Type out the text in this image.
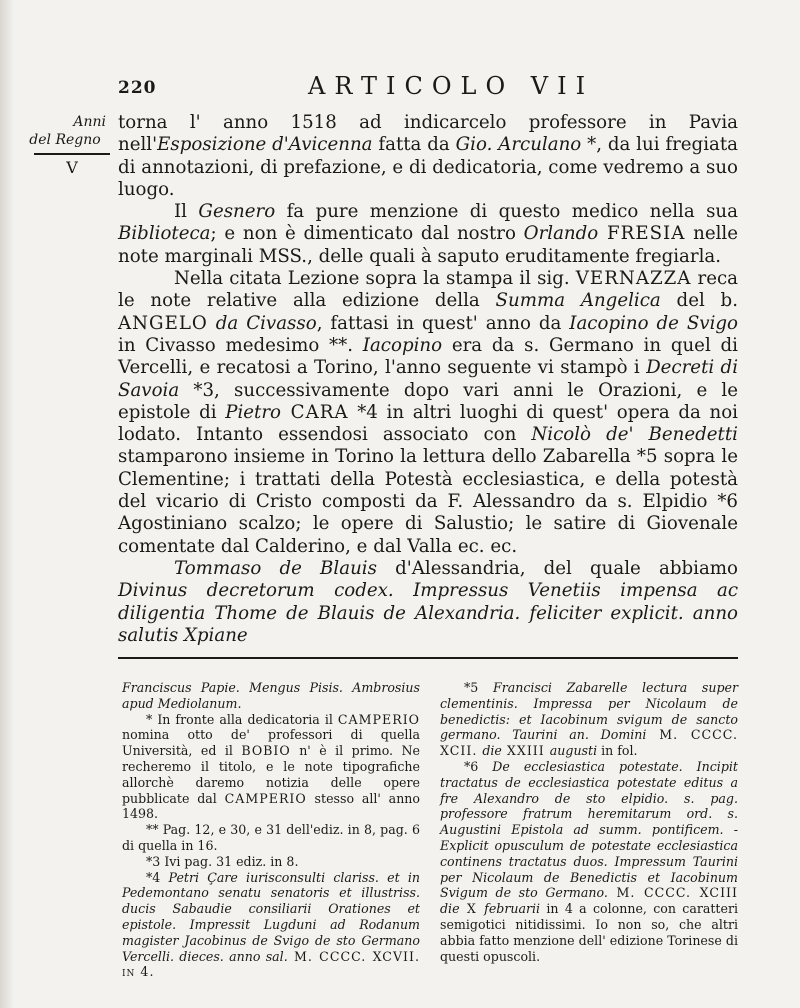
220	ARTICOLO VII
Anni
del Regno
V

torna l' anno 1518 ad indicarcelo professore in Pavia nell'Esposizione d'Avicenna fatta da Gio. Arculano *, da lui fregiata di annotazioni, di prefazione, e di dedicatoria, come vedremo a suo luogo.

Il Gesnero fa pure menzione di questo medico nella sua Biblioteca; e non è dimenticato dal nostro Orlando FRESIA nelle note marginali MSS., delle quali à saputo eruditamente fregiarla.

Nella citata Lezione sopra la stampa il sig. VERNAZZA reca le note relative alla edizione della Summa Angelica del b. ANGELO da Civasso, fattasi in quest' anno da Iacopino de Svigo in Civasso medesimo **. Iacopino era da s. Germano in quel di Vercelli, e recatosi a Torino, l'anno seguente vi stampò i Decreti di Savoia *3, successivamente dopo vari anni le Orazioni, e le epistole di Pietro CARA *4 in altri luoghi di quest' opera da noi lodato. Intanto essendosi associato con Nicolò de' Benedetti stamparono insieme in Torino la lettura dello Zabarella *5 sopra le Clementine; i trattati della Potestà ecclesiastica, e della potestà del vicario di Cristo composti da F. Alessandro da s. Elpidio *6 Agostiniano scalzo; le opere di Salustio; le satire di Giovenale comentate dal Calderino, e dal Valla ec. ec.

Tommaso de Blauis d'Alessandria, del quale abbiamo Divinus decretorum codex. Impressus Venetiis impensa ac diligentia Thome de Blauis de Alexandria. feliciter explicit. anno salutis Xpiane

Franciscus Papie. Mengus Pisis. Ambrosius apud Mediolanum.

* In fronte alla dedicatoria il CAMPERIO nomina otto de' professori di quella Università, ed il BOBIO n' è il primo. Ne recheremo il titolo, e le note tipografiche allorchè daremo notizia delle opere pubblicate dal CAMPERIO stesso all' anno 1498.

** Pag. 12, e 30, e 31 dell'ediz. in 8, pag. 6 di quella in 16.

*3 Ivi pag. 31 ediz. in 8.

*4 Petri Çare iurisconsulti clariss. et in Pedemontano senatu senatoris et illustriss. ducis Sabaudie consiliarii Orationes et epistole. Impressit Lugduni ad Rodanum magister Jacobinus de Svigo de sto Germano Vercelli. dieces. anno sal. M. CCCC. XCVII. in 4.

*5 Francisci Zabarelle lectura super clementinis. Impressa per Nicolaum de benedictis: et Iacobinum svigum de sancto germano. Taurini an. Domini M. CCCC. XCII. die XXIII augusti in fol.

*6 De ecclesiastica potestate. Incipit tractatus de ecclesiastica potestate editus a fre Alexandro de sto elpidio. s. pag. professore fratrum heremitarum ord. s. Augustini Epistola ad summ. pontificem. - Explicit opusculum de potestate ecclesiastica continens tractatus duos. Impressum Taurini per Nicolaum de Benedictis et Iacobinum Svigum de sto Germano. M. CCCC. XCIII die X februarii in 4 a colonne, con caratteri semigotici nitidissimi. Io non so, che altri abbia fatto menzione dell' edizione Torinese di questi opuscoli.
